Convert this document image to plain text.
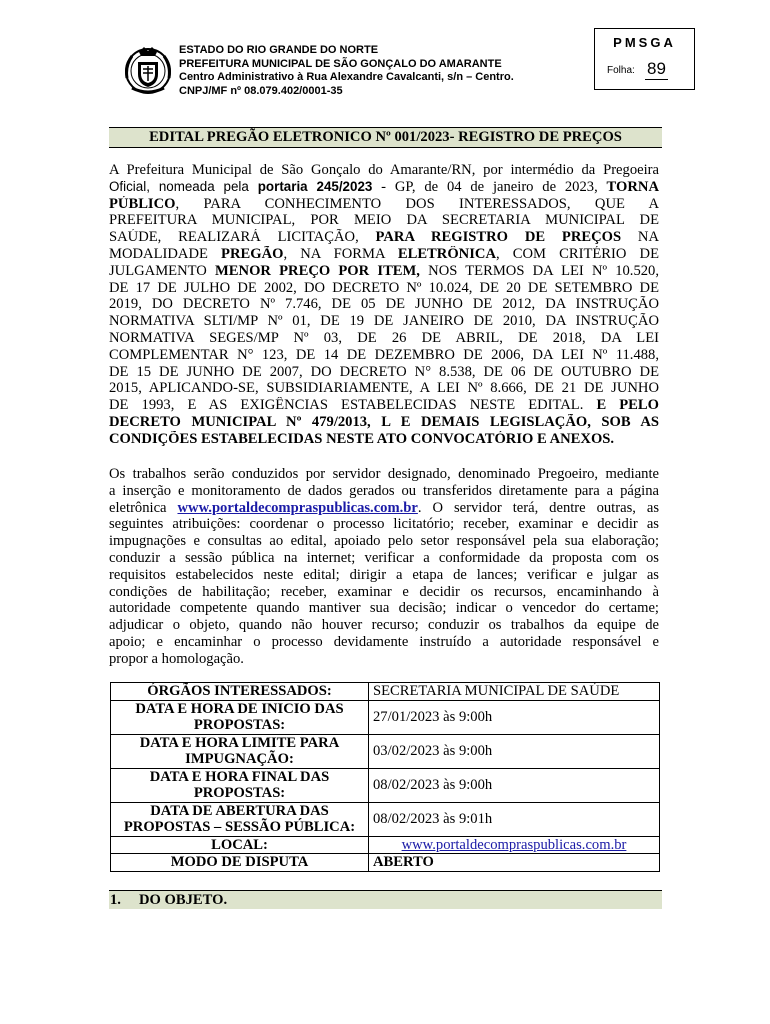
ESTADO DO RIO GRANDE DO NORTE
PREFEITURA MUNICIPAL DE SÃO GONÇALO DO AMARANTE
Centro Administrativo à Rua Alexandre Cavalcanti, s/n – Centro.
CNPJ/MF nº 08.079.402/0001-35
PMSGA
Folha: 89
EDITAL PREGÃO ELETRONICO Nº 001/2023- REGISTRO DE PREÇOS
A Prefeitura Municipal de São Gonçalo do Amarante/RN, por intermédio da Pregoeira
Oficial, nomeada pela portaria 245/2023 - GP, de 04 de janeiro de 2023, TORNA
PÚBLICO, PARA CONHECIMENTO DOS INTERESSADOS, QUE A
PREFEITURA MUNICIPAL, POR MEIO DA SECRETARIA MUNICIPAL DE
SAÚDE, REALIZARÁ LICITAÇÃO, PARA REGISTRO DE PREÇOS NA
MODALIDADE PREGÃO, NA FORMA ELETRÔNICA, COM CRITÉRIO DE
JULGAMENTO MENOR PREÇO POR ITEM, NOS TERMOS DA LEI Nº 10.520,
DE 17 DE JULHO DE 2002, DO DECRETO Nº 10.024, DE 20 DE SETEMBRO DE
2019, DO DECRETO Nº 7.746, DE 05 DE JUNHO DE 2012, DA INSTRUÇÃO
NORMATIVA SLTI/MP Nº 01, DE 19 DE JANEIRO DE 2010, DA INSTRUÇÃO
NORMATIVA SEGES/MP Nº 03, DE 26 DE ABRIL, DE 2018, DA LEI
COMPLEMENTAR N° 123, DE 14 DE DEZEMBRO DE 2006, DA LEI Nº 11.488,
DE 15 DE JUNHO DE 2007, DO DECRETO N° 8.538, DE 06 DE OUTUBRO DE
2015, APLICANDO-SE, SUBSIDIARIAMENTE, A LEI Nº 8.666, DE 21 DE JUNHO
DE 1993, E AS EXIGÊNCIAS ESTABELECIDAS NESTE EDITAL. E PELO
DECRETO MUNICIPAL Nº 479/2013, L E DEMAIS LEGISLAÇÃO, SOB AS
CONDIÇÕES ESTABELECIDAS NESTE ATO CONVOCATÓRIO E ANEXOS.
Os trabalhos serão conduzidos por servidor designado, denominado Pregoeiro, mediante
a inserção e monitoramento de dados gerados ou transferidos diretamente para a página
eletrônica www.portaldecompraspublicas.com.br. O servidor terá, dentre outras, as
seguintes atribuições: coordenar o processo licitatório; receber, examinar e decidir as
impugnações e consultas ao edital, apoiado pelo setor responsável pela sua elaboração;
conduzir a sessão pública na internet; verificar a conformidade da proposta com os
requisitos estabelecidos neste edital; dirigir a etapa de lances; verificar e julgar as
condições de habilitação; receber, examinar e decidir os recursos, encaminhando à
autoridade competente quando mantiver sua decisão; indicar o vencedor do certame;
adjudicar o objeto, quando não houver recurso; conduzir os trabalhos da equipe de
apoio; e encaminhar o processo devidamente instruído a autoridade responsável e
propor a homologação.
ÓRGÃOS INTERESSADOS:	SECRETARIA MUNICIPAL DE SAÚDE

DATA E HORA DE INICIO DAS
PROPOSTAS:	27/01/2023 às 9:00h

DATA E HORA LIMITE PARA
IMPUGNAÇÃO:	03/02/2023 às 9:00h

DATA E HORA FINAL DAS
PROPOSTAS:	08/02/2023 às 9:00h

DATA DE ABERTURA DAS
PROPOSTAS – SESSÃO PÚBLICA:	08/02/2023 às 9:01h

LOCAL:	www.portaldecompraspublicas.com.br

MODO DE DISPUTA	ABERTO
1. DO OBJETO.
